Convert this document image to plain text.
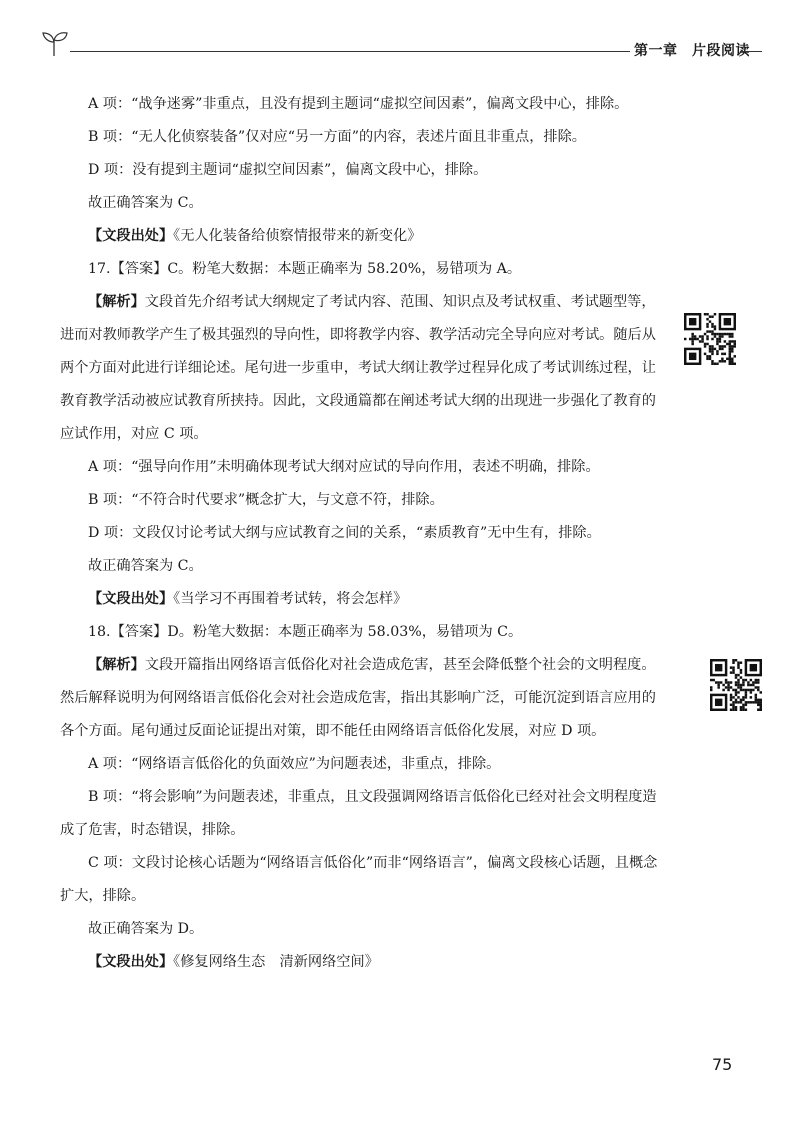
第一章　片段阅读

A 项：“战争迷雾”非重点，且没有提到主题词“虚拟空间因素”，偏离文段中心，排除。

B 项：“无人化侦察装备”仅对应“另一方面”的内容，表述片面且非重点，排除。

D 项：没有提到主题词“虚拟空间因素”，偏离文段中心，排除。

故正确答案为 C。

【文段出处】《无人化装备给侦察情报带来的新变化》

17.【答案】C。粉笔大数据：本题正确率为 58.20%，易错项为 A。

【解析】文段首先介绍考试大纲规定了考试内容、范围、知识点及考试权重、考试题型等，进而对教师教学产生了极其强烈的导向性，即将教学内容、教学活动完全导向应对考试。随后从两个方面对此进行详细论述。尾句进一步重申，考试大纲让教学过程异化成了考试训练过程，让教育教学活动被应试教育所挟持。因此，文段通篇都在阐述考试大纲的出现进一步强化了教育的应试作用，对应 C 项。

A 项：“强导向作用”未明确体现考试大纲对应试的导向作用，表述不明确，排除。

B 项：“不符合时代要求”概念扩大，与文意不符，排除。

D 项：文段仅讨论考试大纲与应试教育之间的关系，“素质教育”无中生有，排除。

故正确答案为 C。

【文段出处】《当学习不再围着考试转，将会怎样》

18.【答案】D。粉笔大数据：本题正确率为 58.03%，易错项为 C。

【解析】文段开篇指出网络语言低俗化对社会造成危害，甚至会降低整个社会的文明程度。然后解释说明为何网络语言低俗化会对社会造成危害，指出其影响广泛，可能沉淀到语言应用的各个方面。尾句通过反面论证提出对策，即不能任由网络语言低俗化发展，对应 D 项。

A 项：“网络语言低俗化的负面效应”为问题表述，非重点，排除。

B 项：“将会影响”为问题表述，非重点，且文段强调网络语言低俗化已经对社会文明程度造成了危害，时态错误，排除。

C 项：文段讨论核心话题为“网络语言低俗化”而非“网络语言”，偏离文段核心话题，且概念扩大，排除。

故正确答案为 D。

【文段出处】《修复网络生态　清新网络空间》

75
